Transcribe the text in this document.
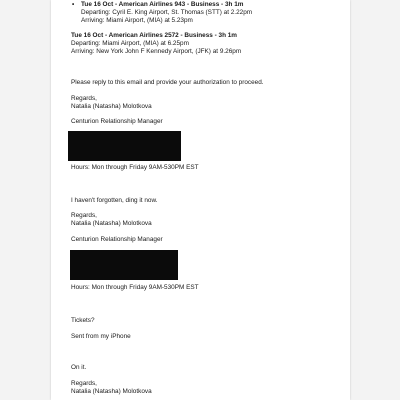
• Tue 16 Oct - American Airlines 943 - Business - 3h 1m
Departing: Cyril E. King Airport, St. Thomas (STT) at 2.22pm
Arriving: Miami Airport, (MIA) at 5.23pm
Tue 16 Oct - American Airlines 2572 - Business - 3h 1m
Departing: Miami Airport, (MIA) at 6.25pm
Arriving: New York John F Kennedy Airport, (JFK) at 9.26pm
Please reply to this email and provide your authorization to proceed.
Regards,
Natalia (Natasha) Molotkova
Centurion Relationship Manager
Hours: Mon through Friday 9AM-530PM EST
I haven't forgotten, ding it now.
Regards,
Natalia (Natasha) Molotkova
Centurion Relationship Manager
Hours: Mon through Friday 9AM-530PM EST
Tickets?
Sent from my iPhone
On it.
Regards,
Natalia (Natasha) Molotkova
